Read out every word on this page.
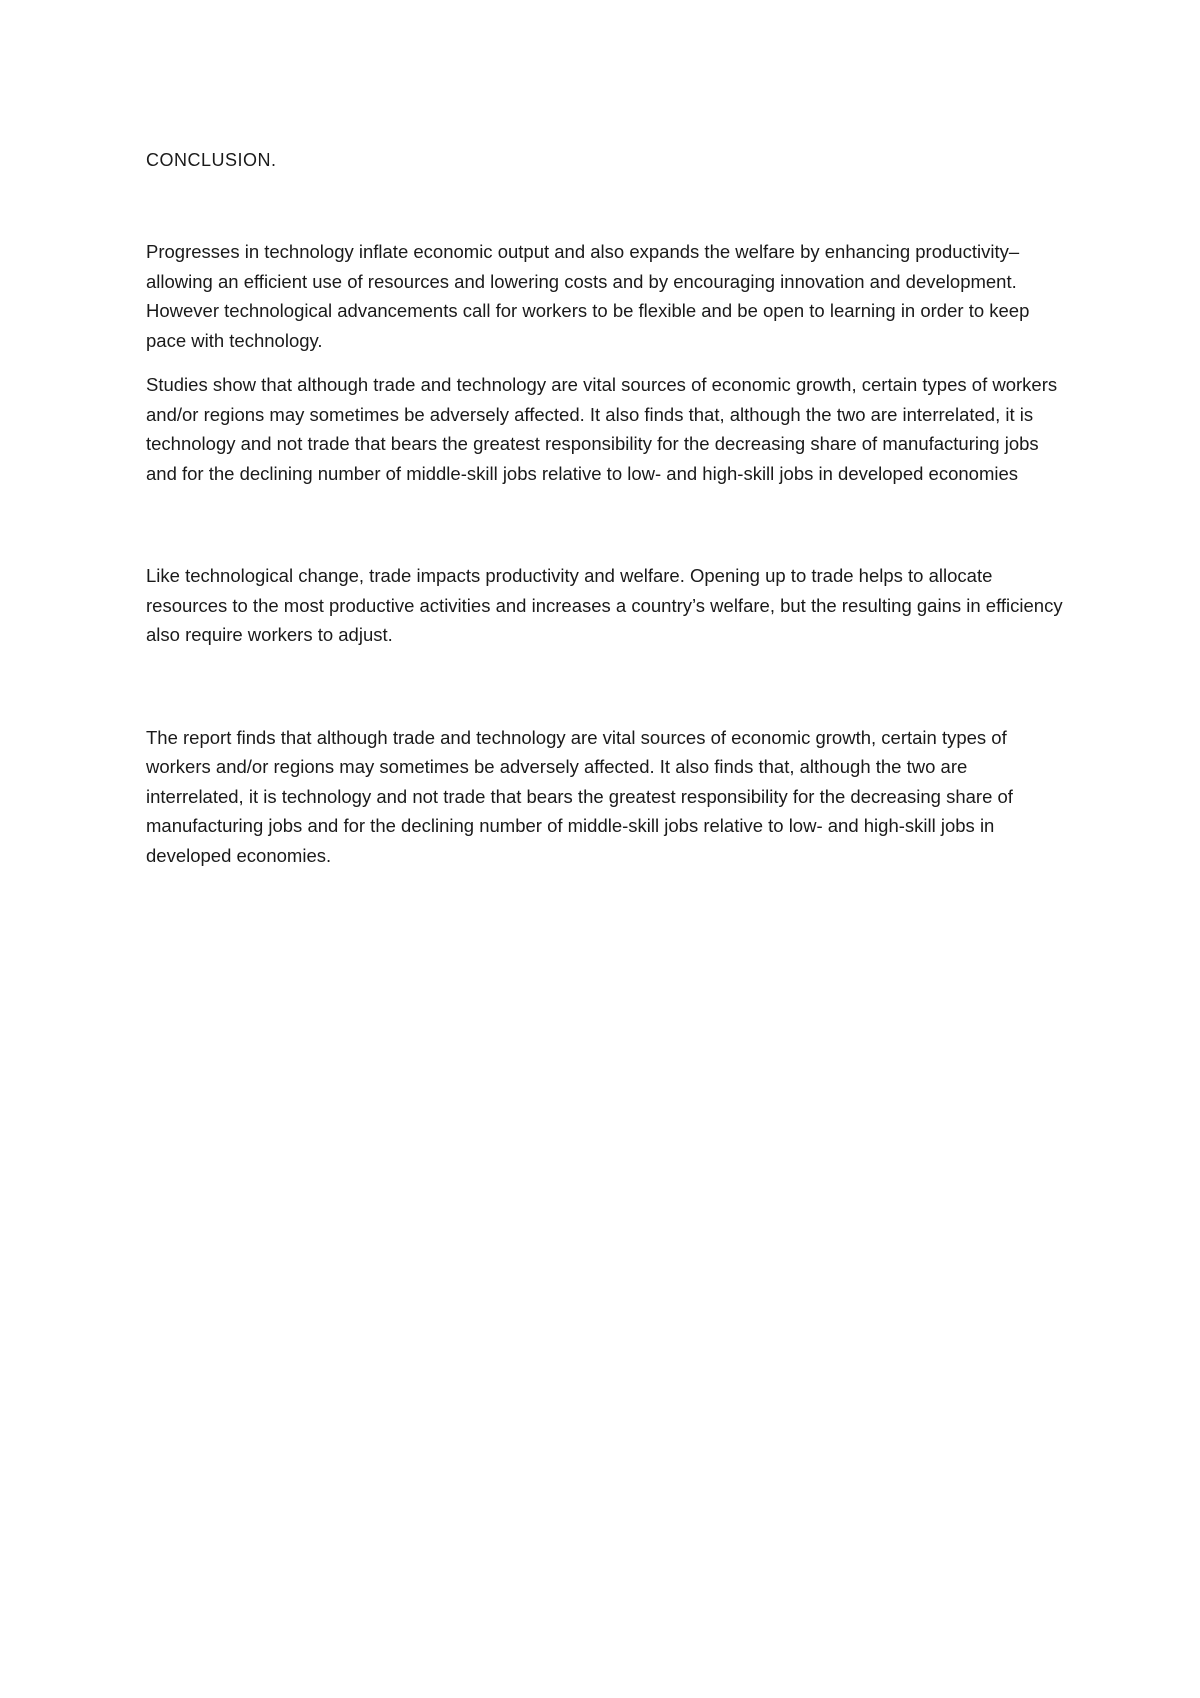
CONCLUSION.

Progresses in technology inflate economic output and also expands the welfare by enhancing productivity–allowing an efficient use of resources and lowering costs and by encouraging innovation and development. However technological advancements call for workers to be flexible and be open to learning in order to keep pace with technology.

Studies show that although trade and technology are vital sources of economic growth, certain types of workers and/or regions may sometimes be adversely affected. It also finds that, although the two are interrelated, it is technology and not trade that bears the greatest responsibility for the decreasing share of manufacturing jobs and for the declining number of middle-skill jobs relative to low- and high-skill jobs in developed economies

Like technological change, trade impacts productivity and welfare. Opening up to trade helps to allocate resources to the most productive activities and increases a country’s welfare, but the resulting gains in efficiency also require workers to adjust.

The report finds that although trade and technology are vital sources of economic growth, certain types of workers and/or regions may sometimes be adversely affected. It also finds that, although the two are interrelated, it is technology and not trade that bears the greatest responsibility for the decreasing share of manufacturing jobs and for the declining number of middle-skill jobs relative to low- and high-skill jobs in developed economies.
